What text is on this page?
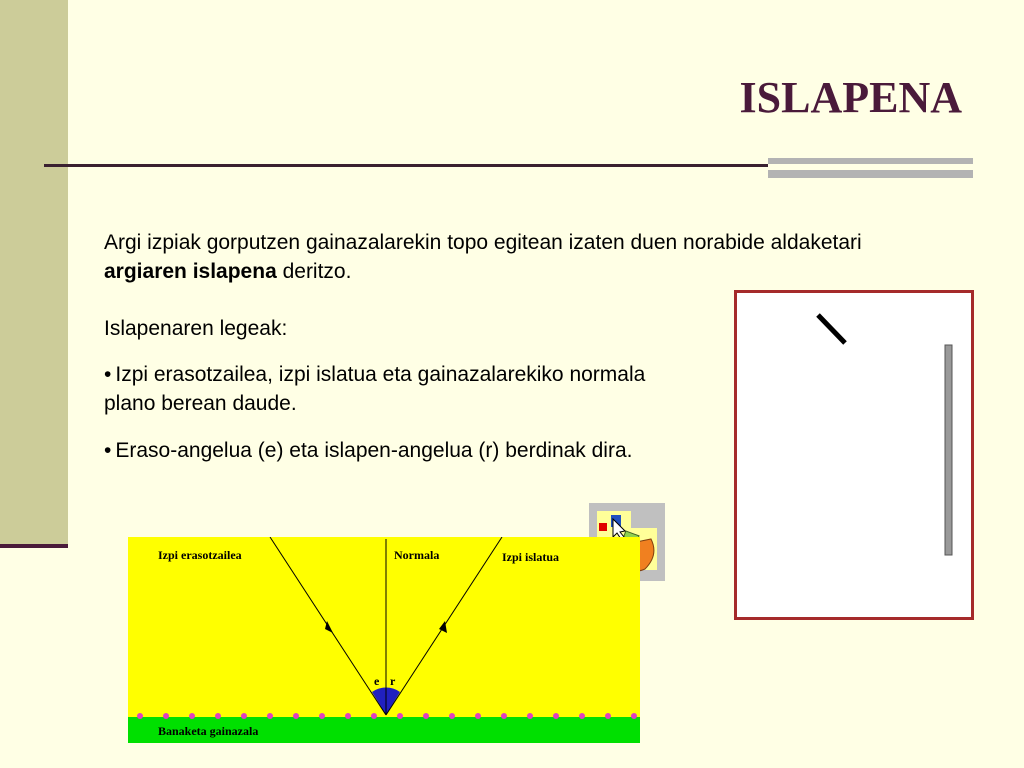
ISLAPENA

Argi izpiak gorputzen gainazalarekin topo egitean izaten duen norabide aldaketari argiaren islapena deritzo.

Islapenaren legeak:

• Izpi erasotzailea, izpi islatua eta gainazalarekiko normala plano berean daude.

• Eraso-angelua (e) eta islapen-angelua (r) berdinak dira.

Izpi erasotzailea	Normala	Izpi islatua
e r
Banaketa gainazala
